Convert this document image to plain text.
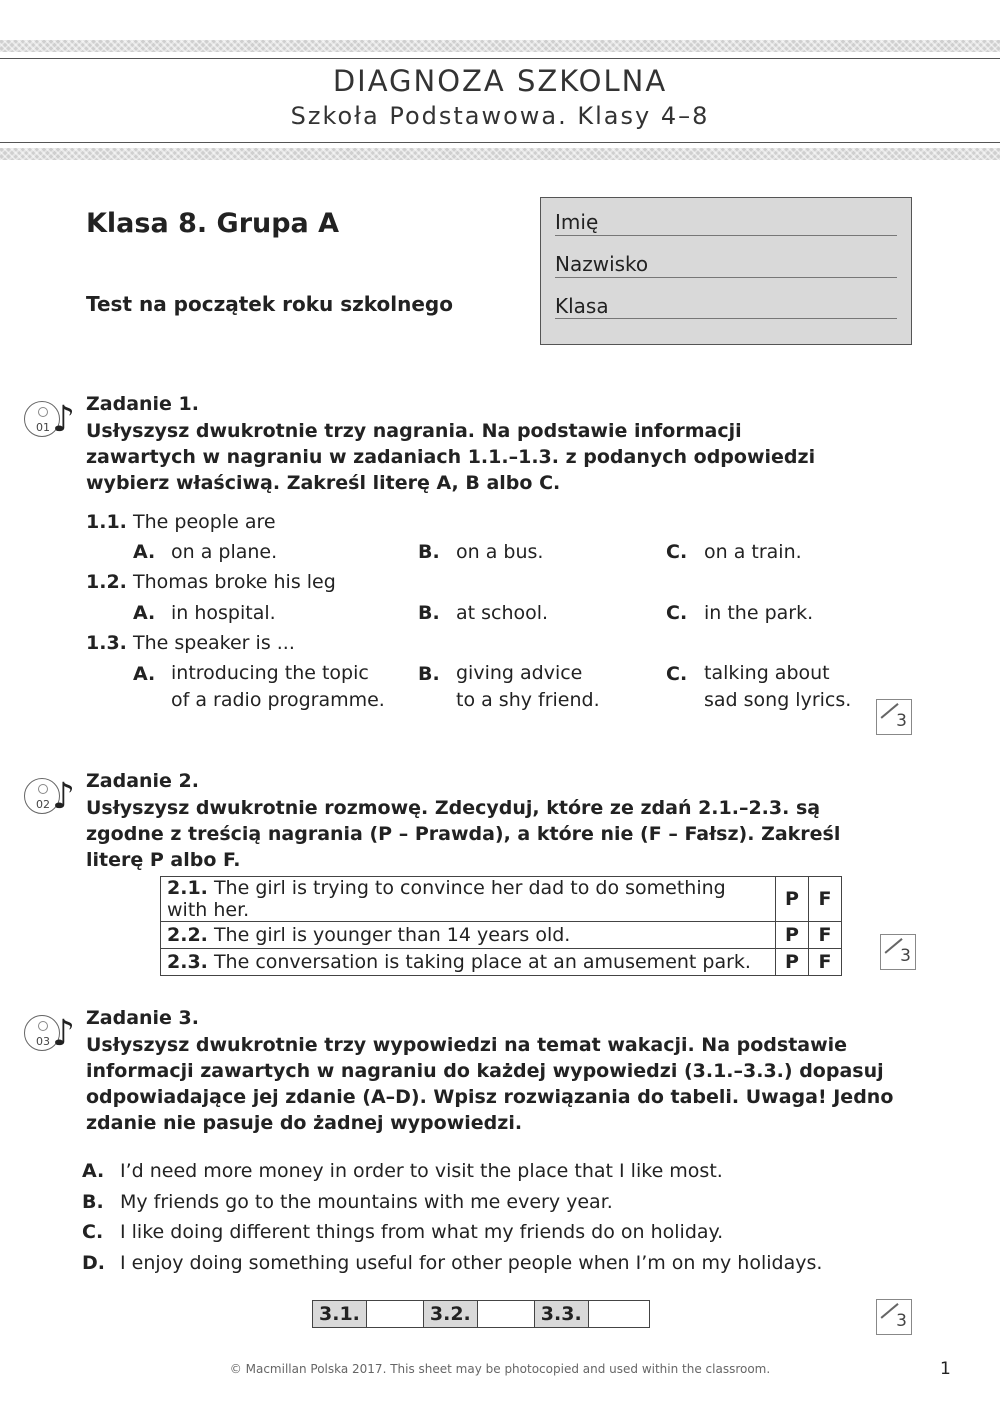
DIAGNOZA SZKOLNA
Szkoła Podstawowa. Klasy 4–8
Klasa 8. Grupa A
Test na początek roku szkolnego
Imię
Nazwisko
Klasa
01 ♪ Zadanie 1.
Usłyszysz dwukrotnie trzy nagrania. Na podstawie informacji zawartych w nagraniu w zadaniach 1.1.–1.3. z podanych odpowiedzi wybierz właściwą. Zakreśl literę A, B albo C.
1.1. The people are
A. on a plane.	B. on a bus.	C. on a train.
1.2. Thomas broke his leg
A. in hospital.	B. at school.	C. in the park.
1.3. The speaker is ...
A. introducing the topic
of a radio programme.
B. giving advice
to a shy friend.
C. talking about
sad song lyrics.
3
02 ♪ Zadanie 2.
Usłyszysz dwukrotnie rozmowę. Zdecyduj, które ze zdań 2.1.–2.3. są zgodne z treścią nagrania (P – Prawda), a które nie (F – Fałsz). Zakreśl literę P albo F.
2.1. The girl is trying to convince her dad to do something with her.	P	F
2.2. The girl is younger than 14 years old.	P	F
2.3. The conversation is taking place at an amusement park.	P	F	3
03 ♪ Zadanie 3.
Usłyszysz dwukrotnie trzy wypowiedzi na temat wakacji. Na podstawie informacji zawartych w nagraniu do każdej wypowiedzi (3.1.–3.3.) dopasuj odpowiadające jej zdanie (A–D). Wpisz rozwiązania do tabeli. Uwaga! Jedno zdanie nie pasuje do żadnej wypowiedzi.
A. I’d need more money in order to visit the place that I like most.
B. My friends go to the mountains with me every year.
C. I like doing different things from what my friends do on holiday.
D. I enjoy doing something useful for other people when I’m on my holidays.
3.1.		3.2.		3.3.		3
© Macmillan Polska 2017. This sheet may be photocopied and used within the classroom.	1
